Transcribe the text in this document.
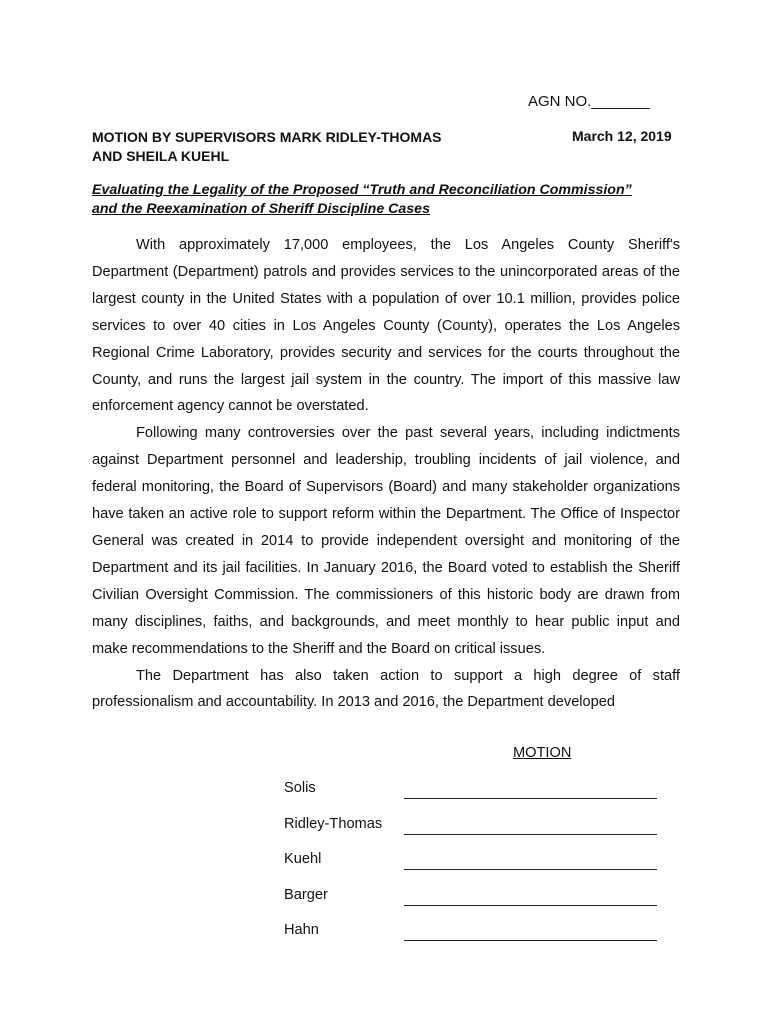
AGN NO._______
MOTION BY SUPERVISORS MARK RIDLEY-THOMAS
AND SHEILA KUEHL
March 12, 2019
Evaluating the Legality of the Proposed “Truth and Reconciliation Commission”
and the Reexamination of Sheriff Discipline Cases

With approximately 17,000 employees, the Los Angeles County Sheriff's Department (Department) patrols and provides services to the unincorporated areas of the largest county in the United States with a population of over 10.1 million, provides police services to over 40 cities in Los Angeles County (County), operates the Los Angeles Regional Crime Laboratory, provides security and services for the courts throughout the County, and runs the largest jail system in the country. The import of this massive law enforcement agency cannot be overstated.

Following many controversies over the past several years, including indictments against Department personnel and leadership, troubling incidents of jail violence, and federal monitoring, the Board of Supervisors (Board) and many stakeholder organizations have taken an active role to support reform within the Department. The Office of Inspector General was created in 2014 to provide independent oversight and monitoring of the Department and its jail facilities. In January 2016, the Board voted to establish the Sheriff Civilian Oversight Commission. The commissioners of this historic body are drawn from many disciplines, faiths, and backgrounds, and meet monthly to hear public input and make recommendations to the Sheriff and the Board on critical issues.

The Department has also taken action to support a high degree of staff professionalism and accountability. In 2013 and 2016, the Department developed

MOTION
Solis
Ridley-Thomas
Kuehl
Barger
Hahn
